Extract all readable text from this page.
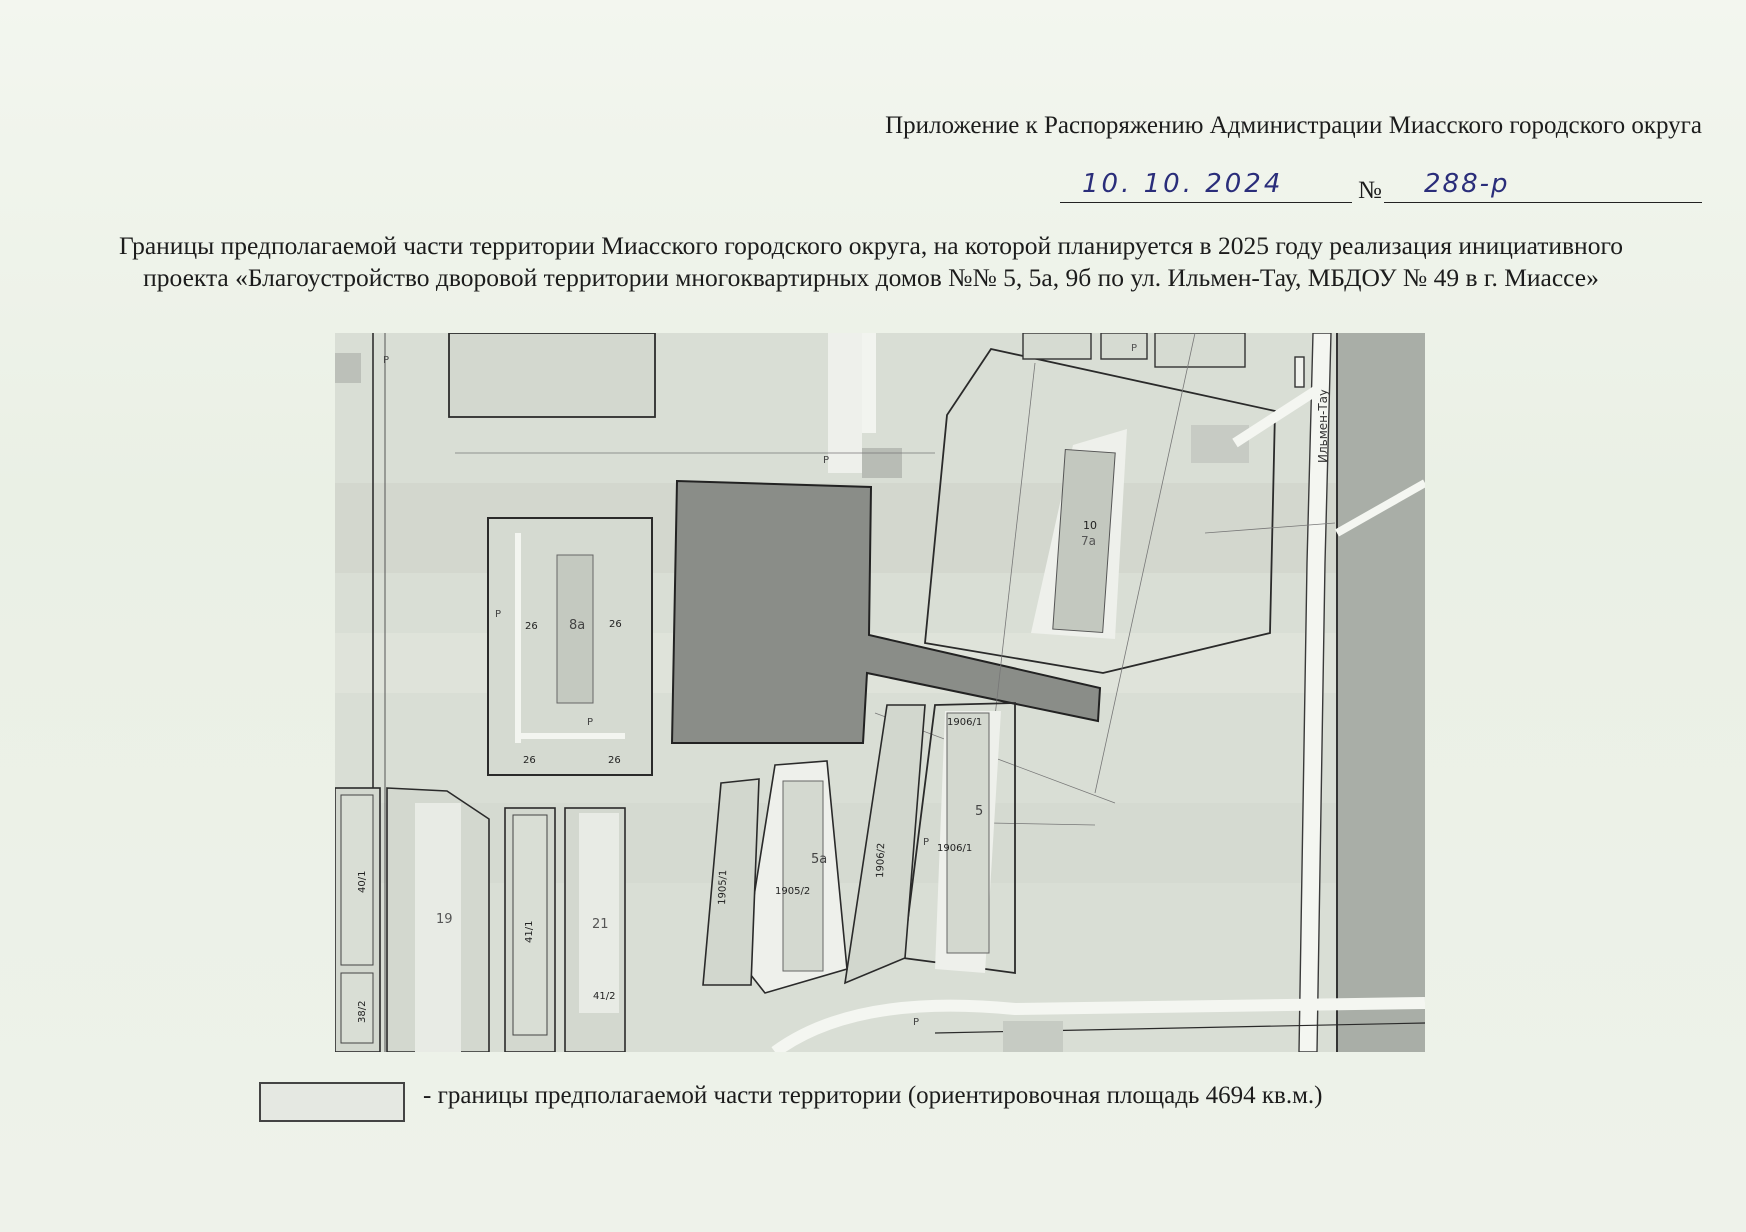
Приложение к Распоряжению Администрации Миасского городского округа
10. 10. 2024	№ 288-р
Границы предполагаемой части территории Миасского городского округа, на которой планируется в 2025 году реализация инициативного проекта «Благоустройство дворовой территории многоквартирных домов №№ 5, 5а, 9б по ул. Ильмен-Тау, МБДОУ № 49 в г. Миассе»
Ильмен-Тау
8a
26	26
26	26
P
P
10
7a
P
1906/1
5
1906/1
P
1906/2
5a
1905/2
1905/1
40/1
38/2
19
41/1	21
41/2
P
P
P
- границы предполагаемой части территории (ориентировочная площадь 4694 кв.м.)
